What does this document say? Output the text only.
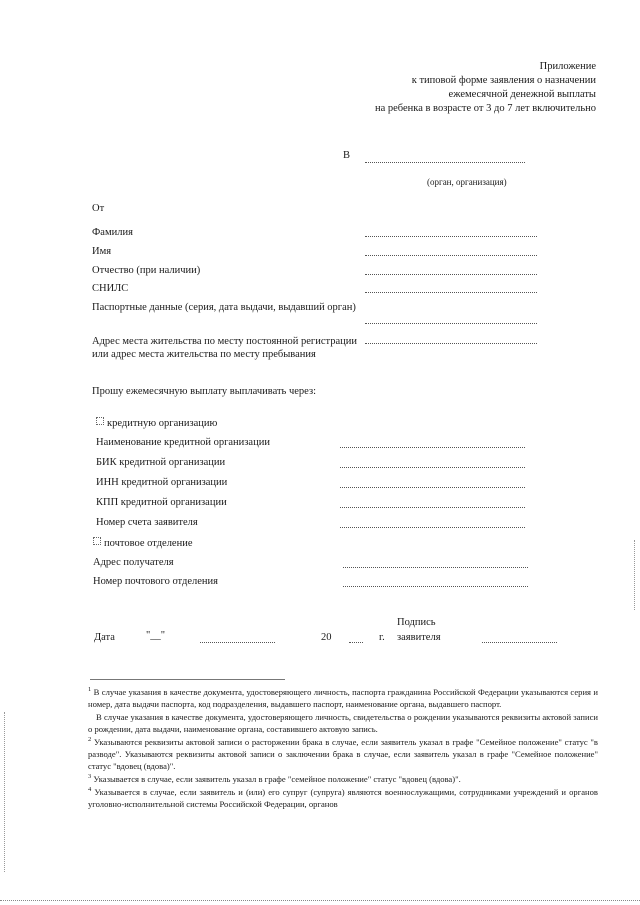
Приложение
к типовой форме заявления о назначении
ежемесячной денежной выплаты
на ребенка в возрасте от 3 до 7 лет включительно
В
(орган, организация)
От
Фамилия
Имя
Отчество (при наличии)
СНИЛС
Паспортные данные (серия, дата выдачи, выдавший орган)
Адрес места жительства по месту постоянной регистрации или адрес места жительства по месту пребывания
Прошу ежемесячную выплату выплачивать через:
кредитную организацию
Наименование кредитной организации
БИК кредитной организации
ИНН кредитной организации
КПП кредитной организации
Номер счета заявителя
почтовое отделение
Адрес получателя
Номер почтового отделения
Подпись
Дата	"__"	20	г. заявителя

$^1$ В случае указания в качестве документа, удостоверяющего личность, паспорта гражданина Российской Федерации указываются серия и номер, дата выдачи паспорта, код подразделения, выдавшего паспорт, наименование органа, выдавшего паспорт.

В случае указания в качестве документа, удостоверяющего личность, свидетельства о рождении указываются реквизиты актовой записи о рождении, дата выдачи, наименование органа, составившего актовую запись.

$^2$ Указываются реквизиты актовой записи о расторжении брака в случае, если заявитель указал в графе "Семейное положение" статус "в разводе". Указываются реквизиты актовой записи о заключении брака в случае, если заявитель указал в графе "Семейное положение" статус "вдовец (вдова)".

$^3$ Указывается в случае, если заявитель указал в графе "семейное положение" статус "вдовец (вдова)".

$^4$ Указывается в случае, если заявитель и (или) его супруг (супруга) являются военнослужащими, сотрудниками учреждений и органов уголовно-исполнительной системы Российской Федерации, органов
